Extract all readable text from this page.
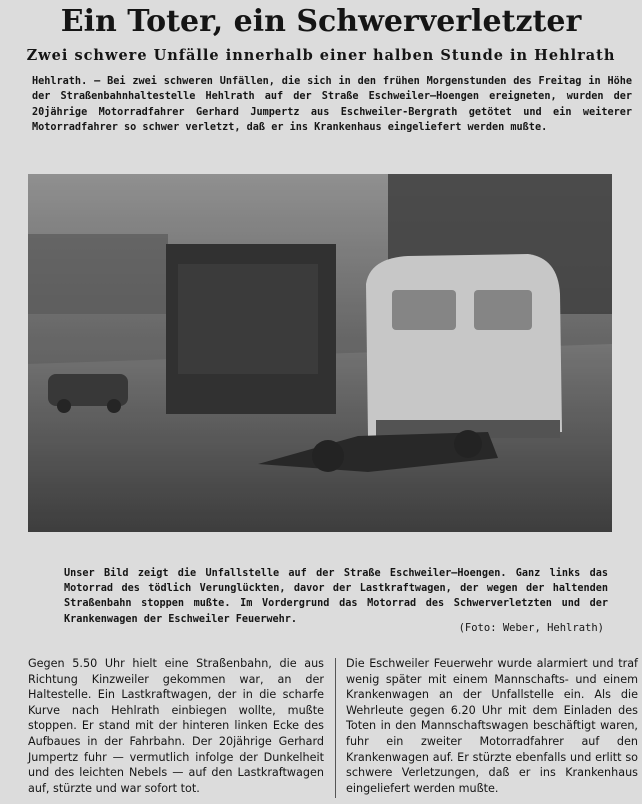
Ein Toter, ein Schwerverletzter
Zwei schwere Unfälle innerhalb einer halben Stunde in Hehlrath

Hehlrath. — Bei zwei schweren Unfällen, die sich in den frühen Morgenstunden des Freitag in Höhe der Straßenbahnhaltestelle Hehlrath auf der Straße Eschweiler—Hoengen ereigneten, wurden der 20jährige Motorradfahrer Gerhard Jumpertz aus Eschweiler-Bergrath getötet und ein weiterer Motorradfahrer so schwer verletzt, daß er ins Krankenhaus eingeliefert werden mußte.

Unser Bild zeigt die Unfallstelle auf der Straße Eschweiler—Hoengen. Ganz links das Motorrad des tödlich Verunglückten, davor der Lastkraftwagen, der wegen der haltenden Straßenbahn stoppen mußte. Im Vordergrund das Motorrad des Schwerverletzten und der Krankenwagen der Eschweiler Feuerwehr.

(Foto: Weber, Hehlrath)

Gegen 5.50 Uhr hielt eine Straßenbahn, die aus Richtung Kinzweiler gekommen war, an der Haltestelle. Ein Lastkraftwagen, der in die scharfe Kurve nach Hehlrath einbiegen wollte, mußte stoppen. Er stand mit der hinteren linken Ecke des Aufbaues in der Fahrbahn. Der 20jährige Gerhard Jumpertz fuhr — vermutlich infolge der Dunkelheit und des leichten Nebels — auf den Lastkraftwagen auf, stürzte und war sofort tot.

Die Eschweiler Feuerwehr wurde alarmiert und traf wenig später mit einem Mannschafts- und einem Krankenwagen an der Unfallstelle ein. Als die Wehrleute gegen 6.20 Uhr mit dem Einladen des Toten in den Mannschaftswagen beschäftigt waren, fuhr ein zweiter Motorradfahrer auf den Krankenwagen auf. Er stürzte ebenfalls und erlitt so schwere Verletzungen, daß er ins Krankenhaus eingeliefert werden mußte.
